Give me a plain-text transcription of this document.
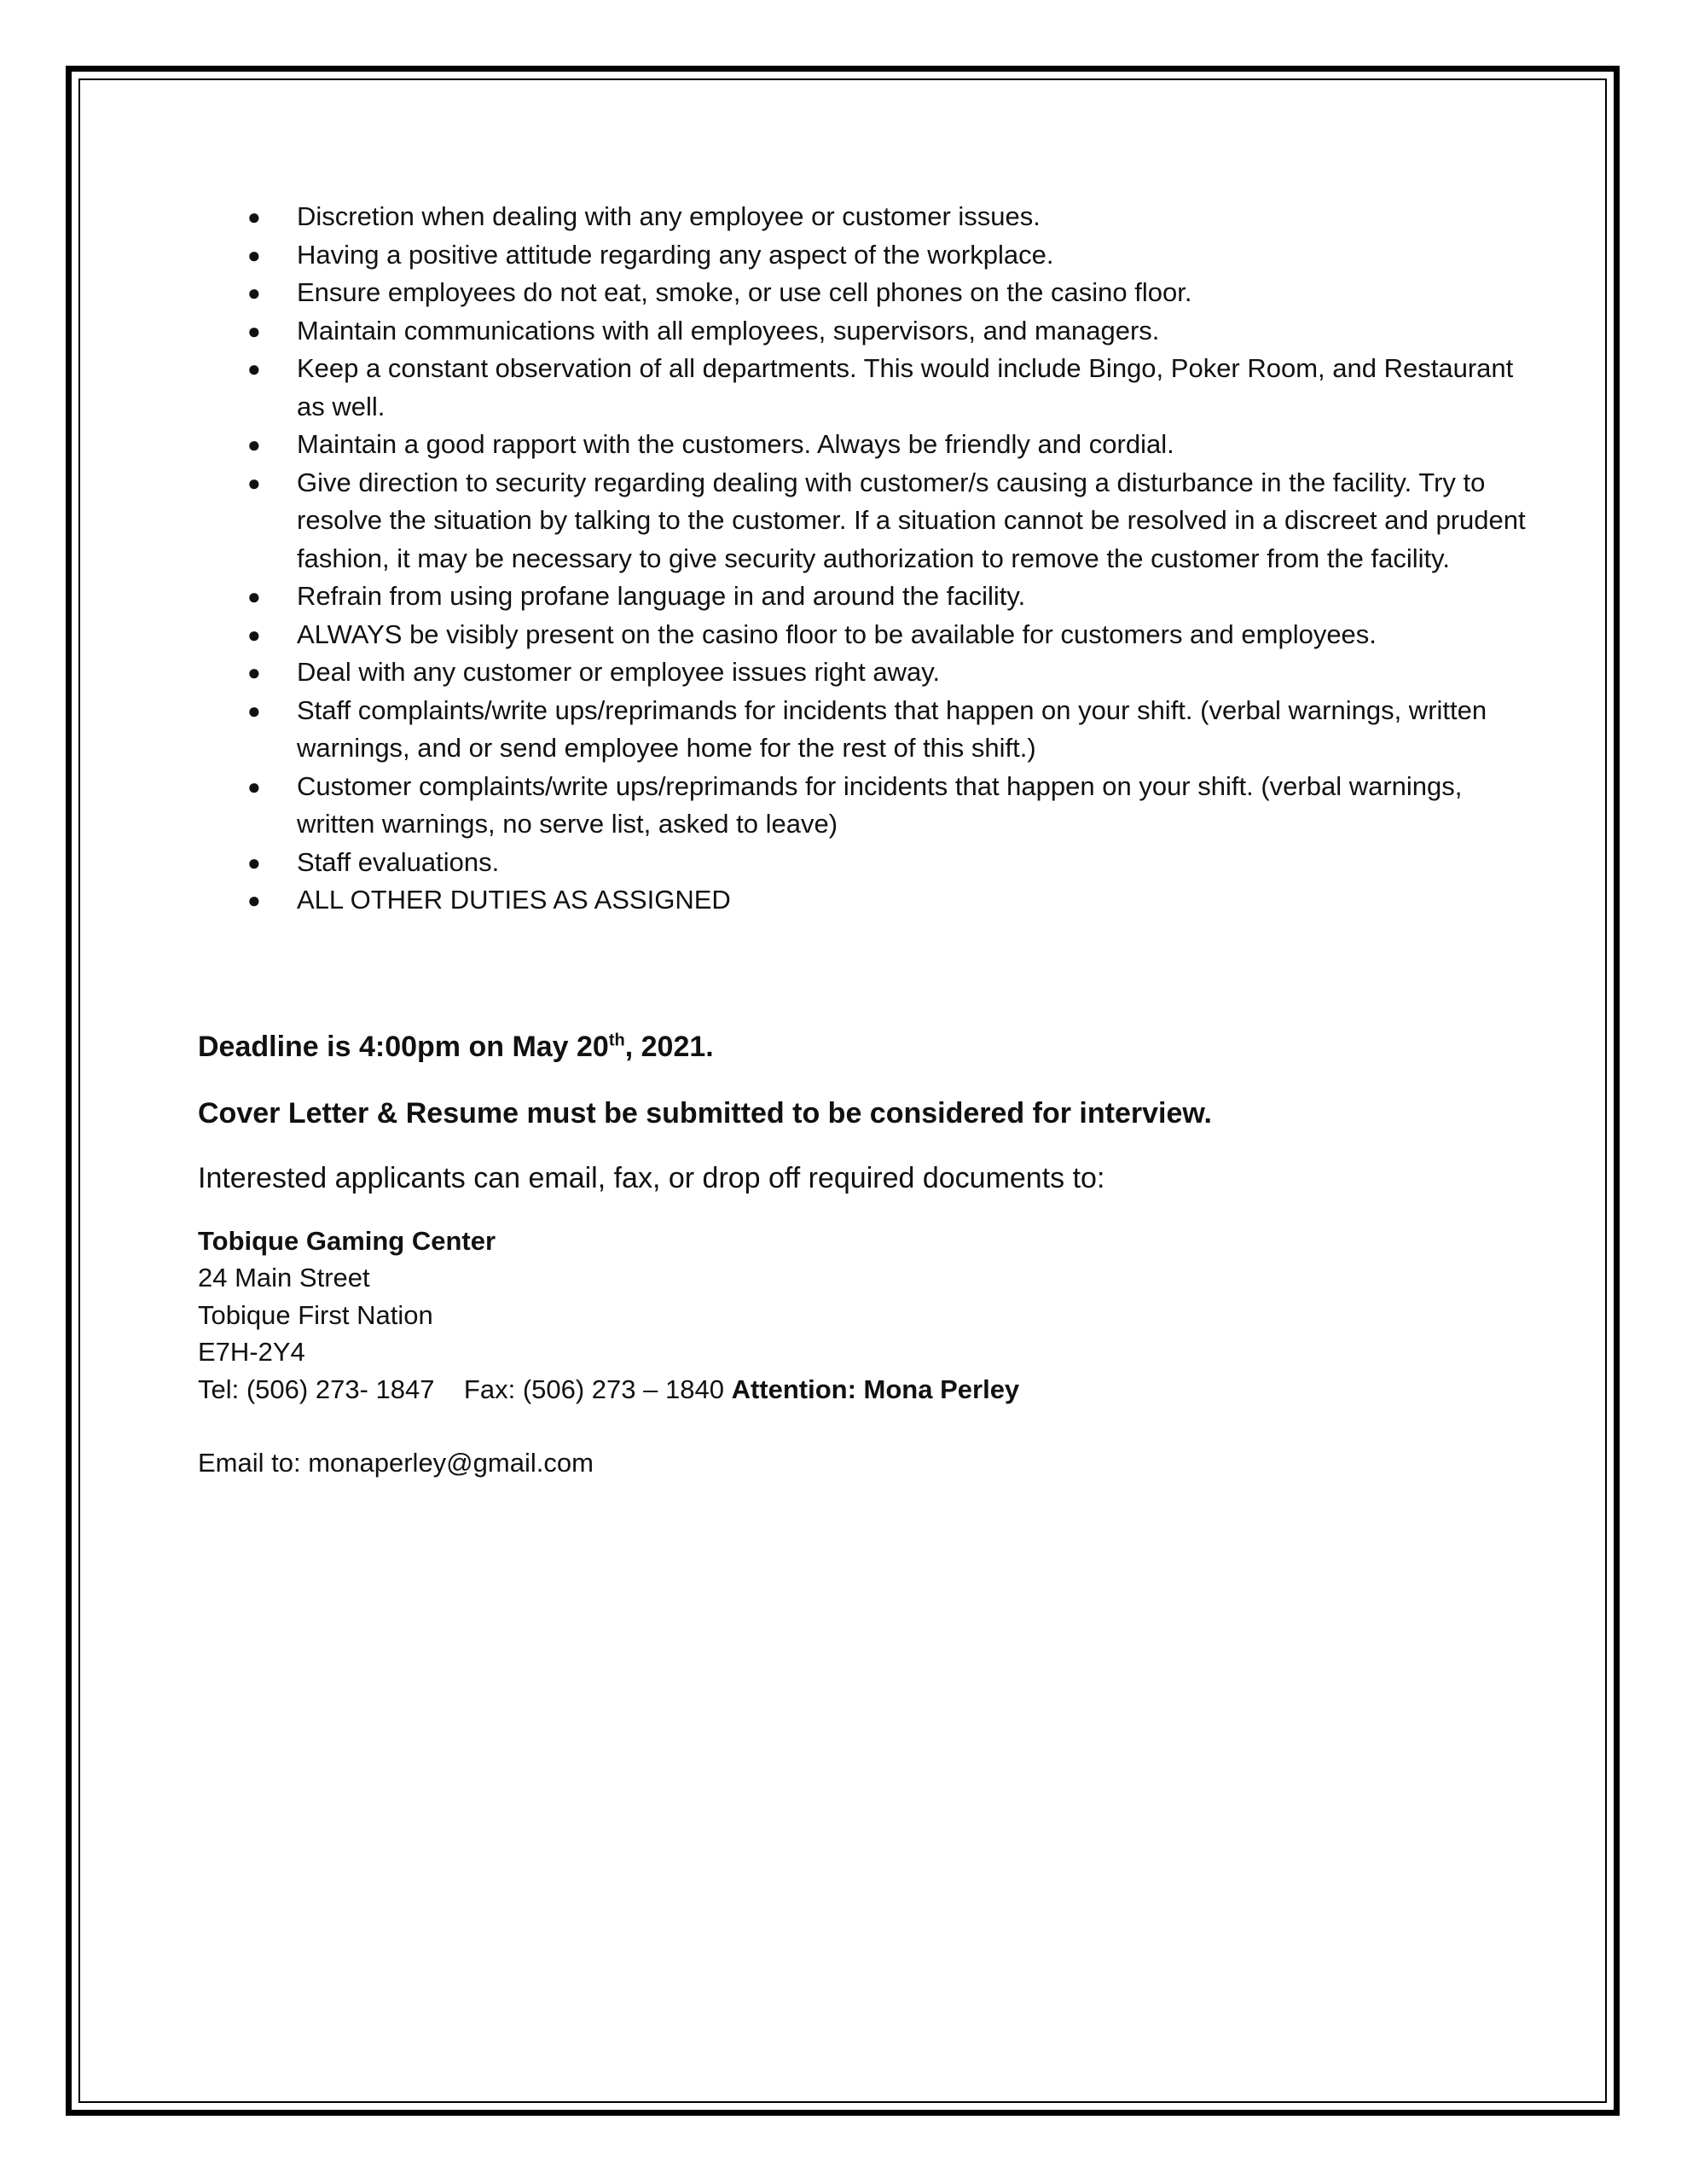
● Discretion when dealing with any employee or customer issues.
● Having a positive attitude regarding any aspect of the workplace.
● Ensure employees do not eat, smoke, or use cell phones on the casino floor.
● Maintain communications with all employees, supervisors, and managers.
● Keep a constant observation of all departments. This would include Bingo, Poker Room, and Restaurant as well.
● Maintain a good rapport with the customers. Always be friendly and cordial.
● Give direction to security regarding dealing with customer/s causing a disturbance in the facility. Try to resolve the situation by talking to the customer. If a situation cannot be resolved in a discreet and prudent fashion, it may be necessary to give security authorization to remove the customer from the facility.
● Refrain from using profane language in and around the facility.
● ALWAYS be visibly present on the casino floor to be available for customers and employees.
● Deal with any customer or employee issues right away.
● Staff complaints/write ups/reprimands for incidents that happen on your shift. (verbal warnings, written warnings, and or send employee home for the rest of this shift.)
● Customer complaints/write ups/reprimands for incidents that happen on your shift. (verbal warnings, written warnings, no serve list, asked to leave)
● Staff evaluations.
● ALL OTHER DUTIES AS ASSIGNED
Deadline is 4:00pm on May 20th, 2021.
Cover Letter & Resume must be submitted to be considered for interview.
Interested applicants can email, fax, or drop off required documents to:
Tobique Gaming Center
24 Main Street
Tobique First Nation
E7H-2Y4
Tel: (506) 273- 1847 Fax: (506) 273 – 1840 Attention: Mona Perley
Email to: monaperley@gmail.com
